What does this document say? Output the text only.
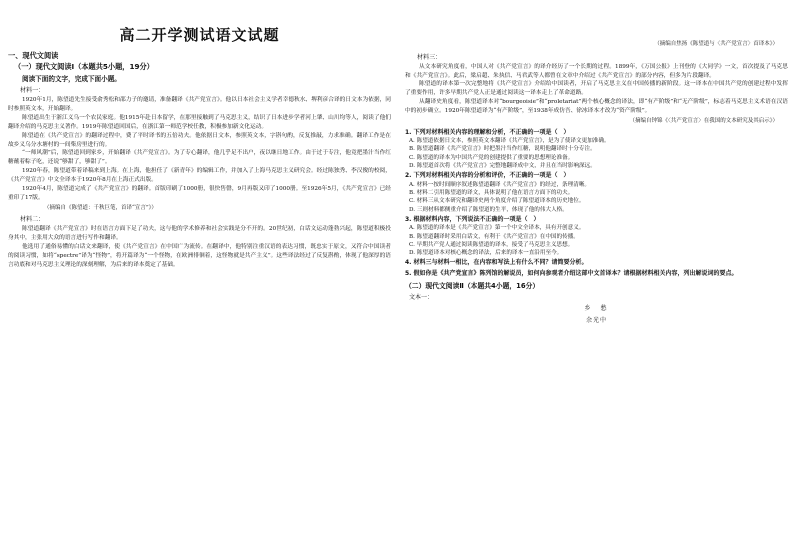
高二开学测试语文试题
一、现代文阅读
（一）现代文阅读Ⅰ（本题共5小题，19分）
阅读下面的文字，完成下面小题。
材料一：

1920年1月，陈望道先生接受俞秀松和邵力子的邀请，准备翻译《共产党宣言》。他以日本社会主义学者幸德秋水、堺利彦合译的日文本为依据，同时参照英文本，开始翻译。

陈望道出生于浙江义乌一个农民家庭。他1915年赴日本留学，在那里接触到了马克思主义，结识了日本进步学者河上肇、山川均等人，阅读了他们翻译介绍的马克思主义著作。1919年陈望道回国后，在浙江第一师范学校任教，积极参加新文化运动。

陈望道在《共产党宣言》的翻译过程中，费了平时译书的五倍功夫。他依据日文本，参照英文本，字斟句酌，反复推敲，力求准确。翻译工作是在故乡义乌分水塘村的一间柴房里进行的。

“一师风潮”后，陈望道回到家乡，开始翻译《共产党宣言》。为了专心翻译，他几乎足不出户，夜以继日地工作。由于过于专注，他竟把墨汁当作红糖蘸着粽子吃，还说“够甜了，够甜了”。

1920年春，陈望道带着译稿来到上海。在上海，他担任了《新青年》的编辑工作，并加入了上海马克思主义研究会。经过陈独秀、李汉俊的校阅，《共产党宣言》中文全译本于1920年8月在上海正式出版。

1920年4月，陈望道完成了《共产党宣言》的翻译。首版印刷了1000册，很快售罄，9月再版又印了1000册。至1926年5月，《共产党宣言》已经重印了17版。

（摘编自《陈望道：千秋巨笔，首译“宣言”》）
材料二：

陈望道翻译《共产党宣言》时在语言方面下足了功夫，这与他的学术修养和社会实践是分不开的。20世纪初，白话文运动蓬勃兴起，陈望道积极投身其中，主张用大众的语言进行写作和翻译。

他选用了通俗易懂的白话文来翻译，使《共产党宣言》在中国广为流传。在翻译中，他特别注重汉语的表达习惯，既忠实于原文，又符合中国读者的阅读习惯，如将“spectre”译为“怪物”，将开篇译为“一个怪物，在欧洲徘徊着，这怪物就是共产主义”。这些译法经过了反复斟酌，体现了他深厚的语言功底和对马克思主义理论的深刻理解，为后来的译本奠定了基础。

（摘编自焦扬《陈望道与〈共产党宣言〉首译本》）
材料三：

从文本研究角度看，中国人对《共产党宣言》的译介经历了一个长期的过程。1899年，《万国公报》上刊登的《大同学》一文，首次提及了马克思和《共产党宣言》。此后，梁启超、朱执信、马君武等人都曾在文章中介绍过《共产党宣言》的部分内容，但多为片段翻译。

陈望道的译本第一次完整地将《共产党宣言》介绍给中国读者，开启了马克思主义在中国传播的新阶段。这一译本在中国共产党的创建过程中发挥了重要作用，许多早期共产党人正是通过阅读这一译本走上了革命道路。

从翻译史角度看，陈望道译本对“bourgeoisie”和“proletariat”两个核心概念的译法，即“有产阶级”和“无产阶级”，标志着马克思主义术语在汉语中的初步确立。1920年陈望道译为“有产阶级”，至1938年成仿吾、徐冰译本才改为“资产阶级”。

（摘编自钟锦《〈共产党宣言〉在我国的文本研究及其启示》）
1. 下列对材料相关内容的理解和分析，不正确的一项是（　）
A. 陈望道依据日文本，参照英文本翻译《共产党宣言》，是为了使译文更加准确。
B. 陈望道翻译《共产党宣言》时把墨汁当作红糖，说明他翻译时十分专注。
C. 陈望道的译本为中国共产党的创建提供了重要的思想理论准备。
D. 陈望道首次将《共产党宣言》完整地翻译成中文，并且在当时影响深远。
2. 下列对材料相关内容的分析和评价，不正确的一项是（　）
A. 材料一按时间顺序叙述陈望道翻译《共产党宣言》的经过，条理清晰。
B. 材料二引用陈望道的译文，具体说明了他在语言方面下的功夫。
C. 材料三从文本研究和翻译史两个角度介绍了陈望道译本的历史地位。
D. 三则材料都侧重介绍了陈望道的生平，体现了他的伟大人格。
3. 根据材料内容，下列说法不正确的一项是（　）
A. 陈望道的译本是《共产党宣言》第一个中文全译本，具有开创意义。
B. 陈望道翻译时采用白话文，有利于《共产党宣言》在中国的传播。
C. 早期共产党人通过阅读陈望道的译本，接受了马克思主义思想。
D. 陈望道译本对核心概念的译法，后来的译本一直沿用至今。
4. 材料三与材料一相比，在内容和写法上有什么不同？请简要分析。
5. 假如你是《共产党宣言》陈列馆的解说员，如何向参观者介绍这部中文首译本？请根据材料相关内容，列出解说词的要点。
（二）现代文阅读Ⅱ（本题共4小题，16分）
文本一：
乡　愁
余光中
